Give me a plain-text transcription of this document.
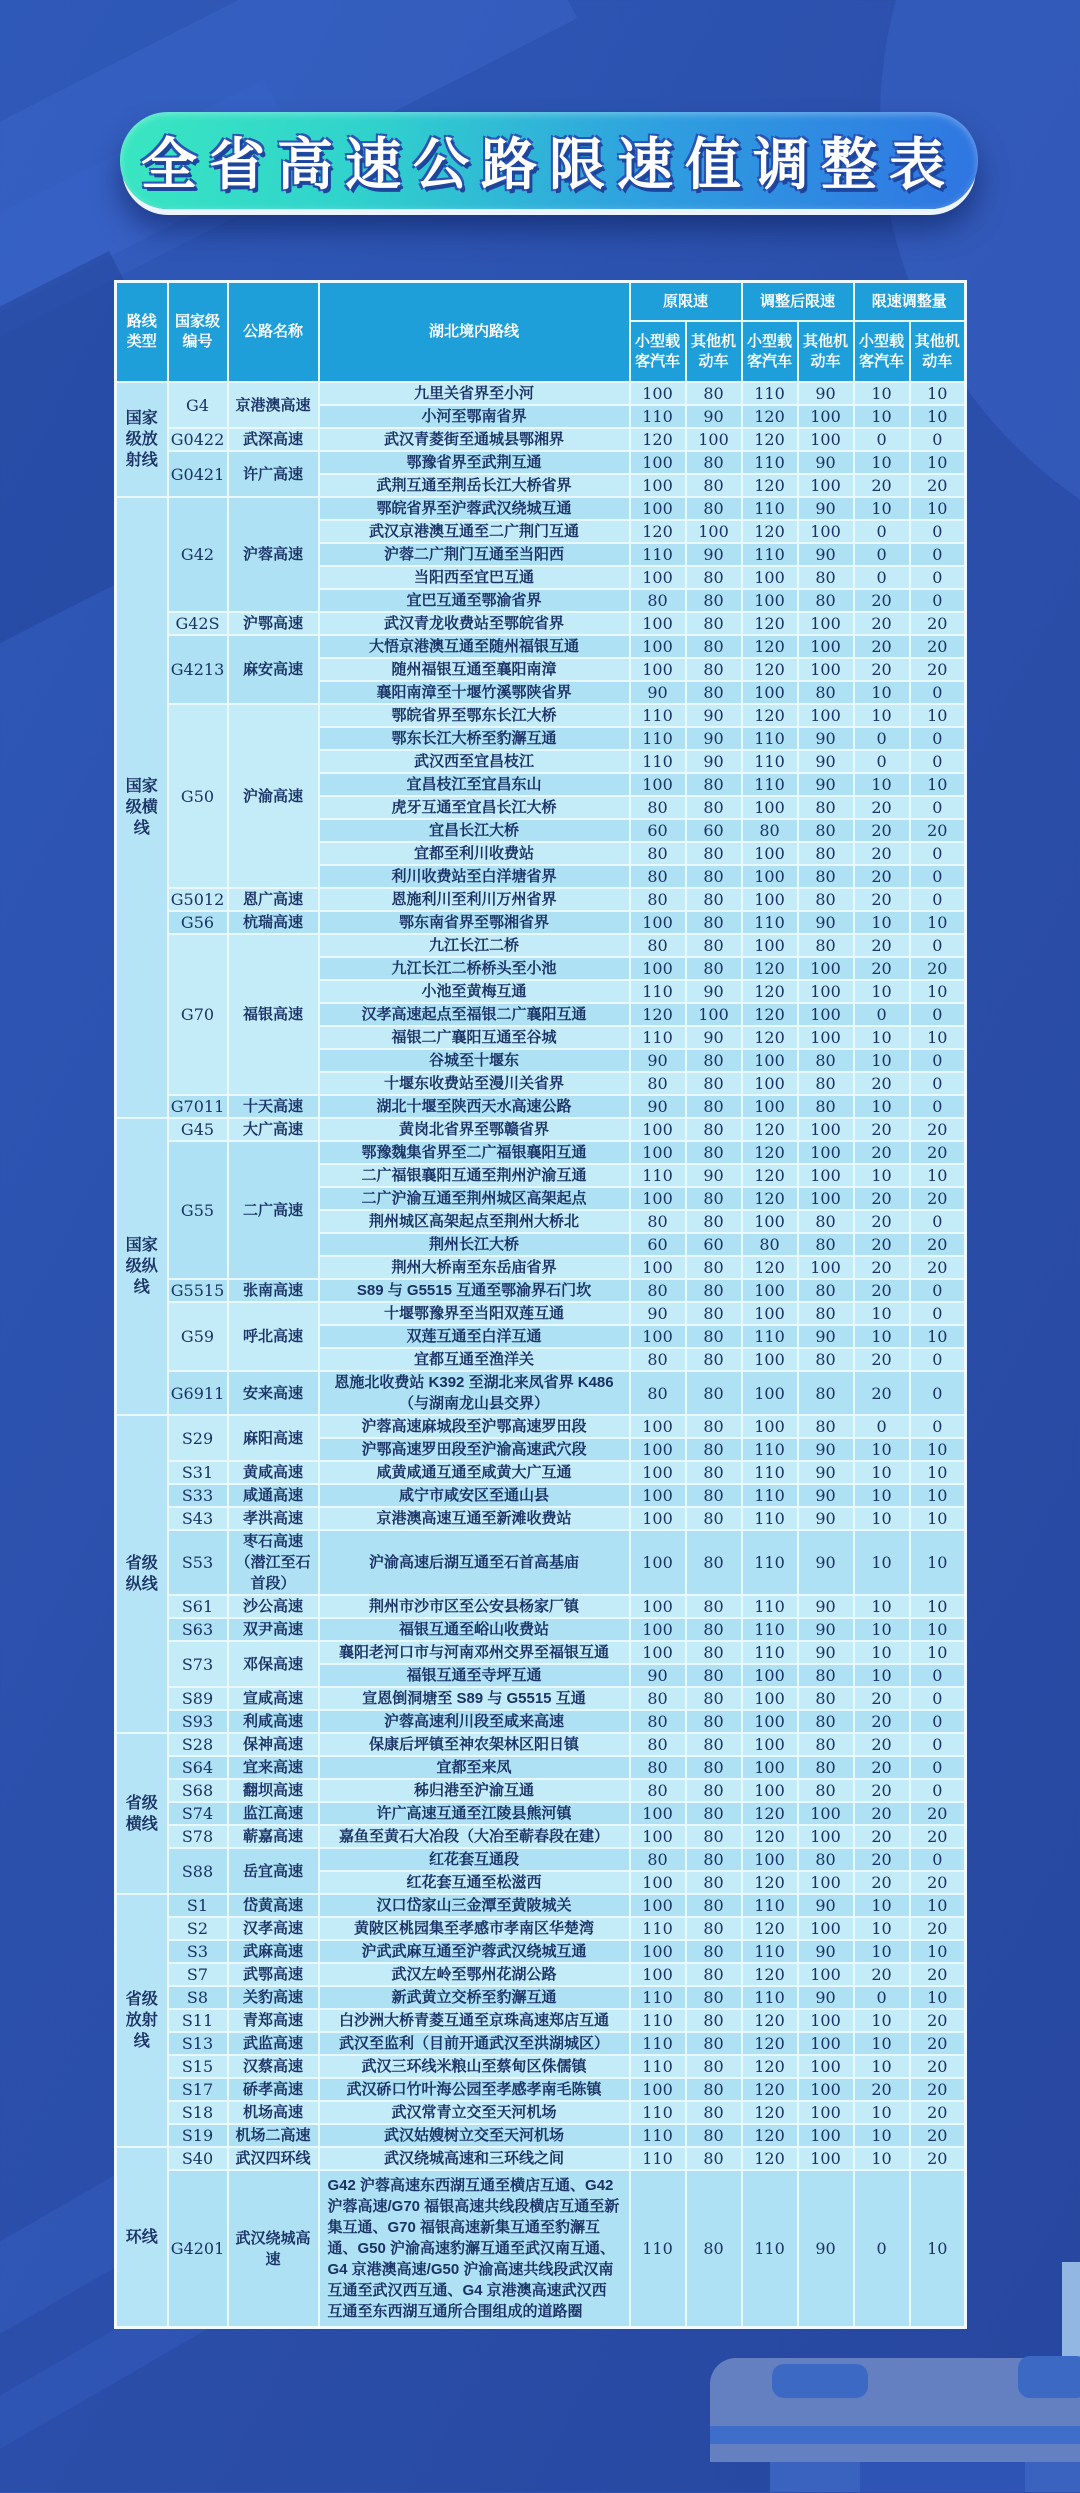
全省高速公路限速值调整表
路线类型	国家级编号	公路名称	湖北境内路线	原限速		调整后限速		限速调整量	
				小型载客汽车	其他机动车	小型载客汽车	其他机动车	小型载客汽车	其他机动车
国家级放射线	G4	京港澳高速	九里关省界至小河	100	80	110	90	10	10
			小河至鄂南省界	110	90	120	100	10	10
	G0422	武深高速	武汉青菱街至通城县鄂湘界	120	100	120	100	0	0
	G0421	许广高速	鄂豫省界至武荆互通	100	80	110	90	10	10
			武荆互通至荆岳长江大桥省界	100	80	120	100	20	20
国家级横线	G42	沪蓉高速	鄂皖省界至沪蓉武汉绕城互通	100	80	110	90	10	10
			武汉京港澳互通至二广荆门互通	120	100	120	100	0	0
			沪蓉二广荆门互通至当阳西	110	90	110	90	0	0
			当阳西至宜巴互通	100	80	100	80	0	0
			宜巴互通至鄂渝省界	80	80	100	80	20	0
	G42S	沪鄂高速	武汉青龙收费站至鄂皖省界	100	80	120	100	20	20
	G4213	麻安高速	大悟京港澳互通至随州福银互通	100	80	120	100	20	20
			随州福银互通至襄阳南漳	100	80	120	100	20	20
			襄阳南漳至十堰竹溪鄂陕省界	90	80	100	80	10	0
	G50	沪渝高速	鄂皖省界至鄂东长江大桥	110	90	120	100	10	10
			鄂东长江大桥至豹澥互通	110	90	110	90	0	0
			武汉西至宜昌枝江	110	90	110	90	0	0
			宜昌枝江至宜昌东山	100	80	110	90	10	10
			虎牙互通至宜昌长江大桥	80	80	100	80	20	0
			宜昌长江大桥	60	60	80	80	20	20
			宜都至利川收费站	80	80	100	80	20	0
			利川收费站至白洋塘省界	80	80	100	80	20	0
	G5012	恩广高速	恩施利川至利川万州省界	80	80	100	80	20	0
	G56	杭瑞高速	鄂东南省界至鄂湘省界	100	80	110	90	10	10
	G70	福银高速	九江长江二桥	80	80	100	80	20	0
			九江长江二桥桥头至小池	100	80	120	100	20	20
			小池至黄梅互通	110	90	120	100	10	10
			汉孝高速起点至福银二广襄阳互通	120	100	120	100	0	0
			福银二广襄阳互通至谷城	110	90	120	100	10	10
			谷城至十堰东	90	80	100	80	10	0
			十堰东收费站至漫川关省界	80	80	100	80	20	0
	G7011	十天高速	湖北十堰至陕西天水高速公路	90	80	100	80	10	0
国家级纵线	G45	大广高速	黄岗北省界至鄂赣省界	100	80	120	100	20	20
	G55	二广高速	鄂豫魏集省界至二广福银襄阳互通	100	80	120	100	20	20
			二广福银襄阳互通至荆州沪渝互通	110	90	120	100	10	10
			二广沪渝互通至荆州城区高架起点	100	80	120	100	20	20
			荆州城区高架起点至荆州大桥北	80	80	100	80	20	0
			荆州长江大桥	60	60	80	80	20	20
			荆州大桥南至东岳庙省界	100	80	120	100	20	20
	G5515	张南高速	S89 与 G5515 互通至鄂渝界石门坎	80	80	100	80	20	0
	G59	呼北高速	十堰鄂豫界至当阳双莲互通	90	80	100	80	10	0
			双莲互通至白洋互通	100	80	110	90	10	10
			宜都互通至渔洋关	80	80	100	80	20	0
	G6911	安来高速	恩施北收费站 K392 至湖北来凤省界 K486（与湖南龙山县交界）	80	80	100	80	20	0
省级纵线	S29	麻阳高速	沪蓉高速麻城段至沪鄂高速罗田段	100	80	100	80	0	0
			沪鄂高速罗田段至沪渝高速武穴段	100	80	110	90	10	10
	S31	黄咸高速	咸黄咸通互通至咸黄大广互通	100	80	110	90	10	10
	S33	咸通高速	咸宁市咸安区至通山县	100	80	110	90	10	10
	S43	孝洪高速	京港澳高速互通至新滩收费站	100	80	110	90	10	10
	S53	枣石高速（潜江至石首段）	沪渝高速后湖互通至石首高基庙	100	80	110	90	10	10
	S61	沙公高速	荆州市沙市区至公安县杨家厂镇	100	80	110	90	10	10
	S63	双尹高速	福银互通至峪山收费站	100	80	110	90	10	10
	S73	邓保高速	襄阳老河口市与河南邓州交界至福银互通	100	80	110	90	10	10
			福银互通至寺坪互通	90	80	100	80	10	0
	S89	宣咸高速	宣恩倒洞塘至 S89 与 G5515 互通	80	80	100	80	20	0
	S93	利咸高速	沪蓉高速利川段至咸来高速	80	80	100	80	20	0
省级横线	S28	保神高速	保康后坪镇至神农架林区阳日镇	80	80	100	80	20	0
	S64	宜来高速	宜都至来凤	80	80	100	80	20	0
	S68	翻坝高速	秭归港至沪渝互通	80	80	100	80	20	0
	S74	监江高速	许广高速互通至江陵县熊河镇	100	80	120	100	20	20
	S78	蕲嘉高速	嘉鱼至黄石大冶段（大冶至蕲春段在建）	100	80	120	100	20	20
	S88	岳宜高速	红花套互通段	80	80	100	80	20	0
			红花套互通至松滋西	100	80	120	100	20	20
省级放射线	S1	岱黄高速	汉口岱家山三金潭至黄陂城关	100	80	110	90	10	10
	S2	汉孝高速	黄陂区桃园集至孝感市孝南区华楚湾	110	80	120	100	10	20
	S3	武麻高速	沪武武麻互通至沪蓉武汉绕城互通	100	80	110	90	10	10
	S7	武鄂高速	武汉左岭至鄂州花湖公路	100	80	120	100	20	20
	S8	关豹高速	新武黄立交桥至豹澥互通	110	80	110	90	0	10
	S11	青郑高速	白沙洲大桥青菱互通至京珠高速郑店互通	110	80	120	100	10	20
	S13	武监高速	武汉至监利（目前开通武汉至洪湖城区）	110	80	120	100	10	20
	S15	汉蔡高速	武汉三环线米粮山至蔡甸区侏儒镇	110	80	120	100	10	20
	S17	硚孝高速	武汉硚口竹叶海公园至孝感孝南毛陈镇	100	80	120	100	20	20
	S18	机场高速	武汉常青立交至天河机场	110	80	120	100	10	20
	S19	机场二高速	武汉姑嫂树立交至天河机场	110	80	120	100	10	20
环线	S40	武汉四环线	武汉绕城高速和三环线之间	110	80	120	100	10	20
	G4201	武汉绕城高速	G42 沪蓉高速东西湖互通至横店互通、G42 沪蓉高速/G70 福银高速共线段横店互通至新集互通、G70 福银高速新集互通至豹澥互通、G50 沪渝高速豹澥互通至武汉南互通、G4 京港澳高速/G50 沪渝高速共线段武汉南互通至武汉西互通、G4 京港澳高速武汉西互通至东西湖互通所合围组成的道路圈	110	80	110	90	0	10
